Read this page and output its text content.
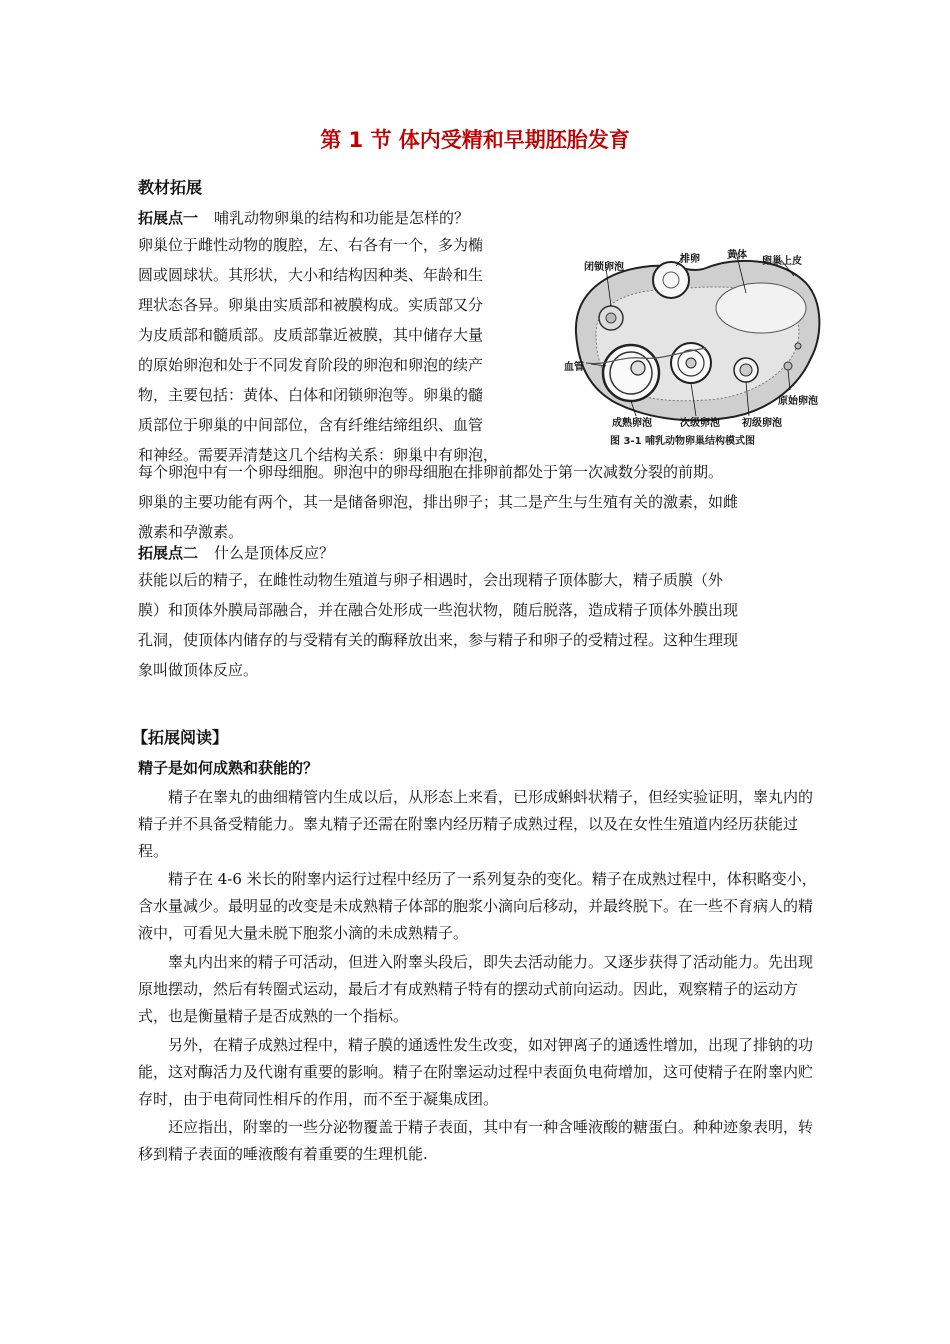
第 1 节 体内受精和早期胚胎发育
教材拓展
拓展点一 哺乳动物卵巢的结构和功能是怎样的？
卵巢位于雌性动物的腹腔，左、右各有一个，多为椭
圆或圆球状。其形状，大小和结构因种类、年龄和生
理状态各异。卵巢由实质部和被膜构成。实质部又分
为皮质部和髓质部。皮质部靠近被膜，其中储存大量
的原始卵泡和处于不同发育阶段的卵泡和卵泡的续产
物，主要包括：黄体、白体和闭锁卵泡等。卵巢的髓
质部位于卵巢的中间部位，含有纤维结缔组织、血管
和神经。需要弄清楚这几个结构关系：卵巢中有卵泡，
每个卵泡中有一个卵母细胞。卵泡中的卵母细胞在排卵前都处于第一次减数分裂的前期。
卵巢的主要功能有两个，其一是储备卵泡，排出卵子；其二是产生与生殖有关的激素，如雌
激素和孕激素。
闭锁卵泡
排卵	黄体
卵巢上皮
血管
原始卵泡
成熟卵泡	次级卵泡 初级卵泡
图 3-1 哺乳动物卵巢结构模式图
拓展点二 什么是顶体反应？
获能以后的精子，在雌性动物生殖道与卵子相遇时，会出现精子顶体膨大，精子质膜（外
膜）和顶体外膜局部融合，并在融合处形成一些泡状物，随后脱落，造成精子顶体外膜出现
孔洞，使顶体内储存的与受精有关的酶释放出来，参与精子和卵子的受精过程。这种生理现
象叫做顶体反应。
【拓展阅读】
精子是如何成熟和获能的？
精子在睾丸的曲细精管内生成以后，从形态上来看，已形成蝌蚪状精子，但经实验证明，睾丸内的精子并不具备受精能力。睾丸精子还需在附睾内经历精子成熟过程，以及在女性生殖道内经历获能过程。
精子在 4-6 米长的附睾内运行过程中经历了一系列复杂的变化。精子在成熟过程中，体积略变小，含水量减少。最明显的改变是未成熟精子体部的胞浆小滴向后移动，并最终脱下。在一些不育病人的精液中，可看见大量未脱下胞浆小滴的未成熟精子。
睾丸内出来的精子可活动，但进入附睾头段后，即失去活动能力。又逐步获得了活动能力。先出现原地摆动，然后有转圈式运动，最后才有成熟精子特有的摆动式前向运动。因此，观察精子的运动方式，也是衡量精子是否成熟的一个指标。
另外，在精子成熟过程中，精子膜的通透性发生改变，如对钾离子的通透性增加，出现了排钠的功能，这对酶活力及代谢有重要的影响。精子在附睾运动过程中表面负电荷增加，这可使精子在附睾内贮存时，由于电荷同性相斥的作用，而不至于凝集成团。
还应指出，附睾的一些分泌物覆盖于精子表面，其中有一种含唾液酸的糖蛋白。种种迹象表明，转移到精子表面的唾液酸有着重要的生理机能.
